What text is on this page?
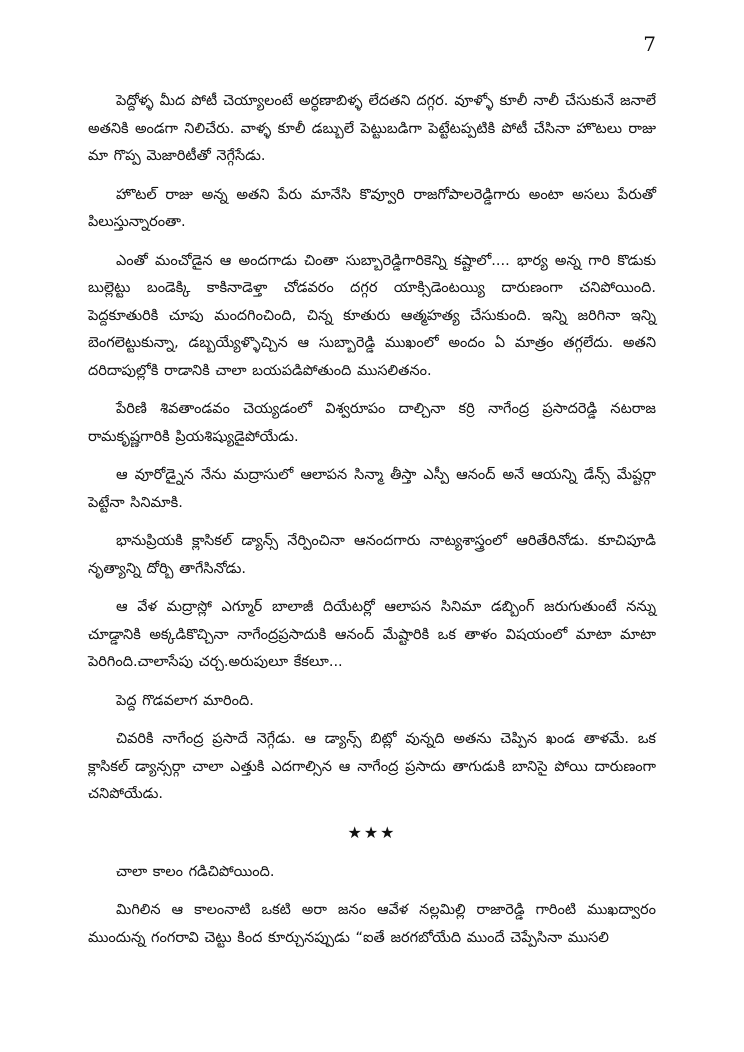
7

పెద్దోళ్ళ మీద పోటీ చెయ్యాలంటే అర్ధణాబిళ్ళ లేదతని దగ్గర. వూళ్ళో కూలీ నాలీ చేసుకునే జనాలే అతనికి అండగా నిలిచేరు. వాళ్ళ కూలీ డబ్బులే పెట్టుబడిగా పెట్టేటప్పటికి పోటీ చేసినా హొటలు రాజు మా గొప్ప మెజారిటీతో నెగ్గేసేడు.

హొటల్ రాజు అన్న అతని పేరు మానేసి కొవ్వూరి రాజగోపాలరెడ్డిగారు అంటా అసలు పేరుతో పిలుస్తున్నారంతా.

ఎంతో మంచోడైన ఆ అందగాడు చింతా సుబ్బారెడ్డిగారికెన్ని కష్టాలో.... భార్య అన్న గారి కొడుకు బుల్లెట్టు బండెక్కి కాకినాడెళ్తా చోడవరం దగ్గర యాక్సిడెంటయ్యి దారుణంగా చనిపోయింది. పెద్దకూతురికి చూపు మందగించింది, చిన్న కూతురు ఆత్మహత్య చేసుకుంది. ఇన్ని జరిగినా ఇన్ని బెంగలెట్టుకున్నా, డబ్బయ్యేళ్ళొచ్చిన ఆ సుబ్బారెడ్డి ముఖంలో అందం ఏ మాత్రం తగ్గలేదు. అతని దరిదాపుల్లోకి రాడానికి చాలా బయపడిపోతుంది ముసలితనం.

పేరిణి శివతాండవం చెయ్యడంలో విశ్వరూపం దాల్చినా కర్రి నాగేంద్ర ప్రసాదరెడ్డి నటరాజ రామకృష్ణగారికి ప్రియశిష్యుడైపోయేడు.

ఆ వూరోడ్నైన నేను మద్రాసులో ఆలాపన సిన్మా తీస్తా ఎస్పీ ఆనంద్ అనే ఆయన్ని డేన్స్ మేష్టర్గా పెట్టేనా సినిమాకి.

భానుప్రియకి క్లాసికల్ డ్యాన్స్ నేర్పించినా ఆనందగారు నాట్యశాస్త్రంలో ఆరితేరినోడు. కూచిపూడి నృత్యాన్ని దోర్బి తాగేసినోడు.

ఆ వేళ మద్రాస్లో ఎగ్మూర్ బాలాజీ దియేటర్లో ఆలాపన సినిమా డబ్బింగ్ జరుగుతుంటే నన్ను చూడ్డానికి అక్కడికొచ్చినా నాగేంద్రప్రసాదుకి ఆనంద్ మేష్టారికి ఒక తాళం విషయంలో మాటా మాటా పెరిగింది.చాలాసేపు చర్చ.అరుపులూ కేకలూ...

పెద్ద గొడవలాగ మారింది.

చివరికి నాగేంద్ర ప్రసాదే నెగ్గేడు. ఆ డ్యాన్స్ బిట్లో వున్నది అతను చెప్పిన ఖండ తాళమే. ఒక క్లాసికల్ డ్యాన్సర్గా చాలా ఎత్తుకి ఎదగాల్సిన ఆ నాగేంద్ర ప్రసాదు తాగుడుకి బానిసై పోయి దారుణంగా చనిపోయేడు.

★★★

చాలా కాలం గడిచిపోయింది.

మిగిలిన ఆ కాలంనాటి ఒకటి అరా జనం ఆవేళ నల్లమిల్లి రాజారెడ్డి గారింటి ముఖద్వారం ముందున్న గంగరావి చెట్టు కింద కూర్చునప్పుడు “ఐతే జరగబోయేది ముందే చెప్పేసినా ముసలి
